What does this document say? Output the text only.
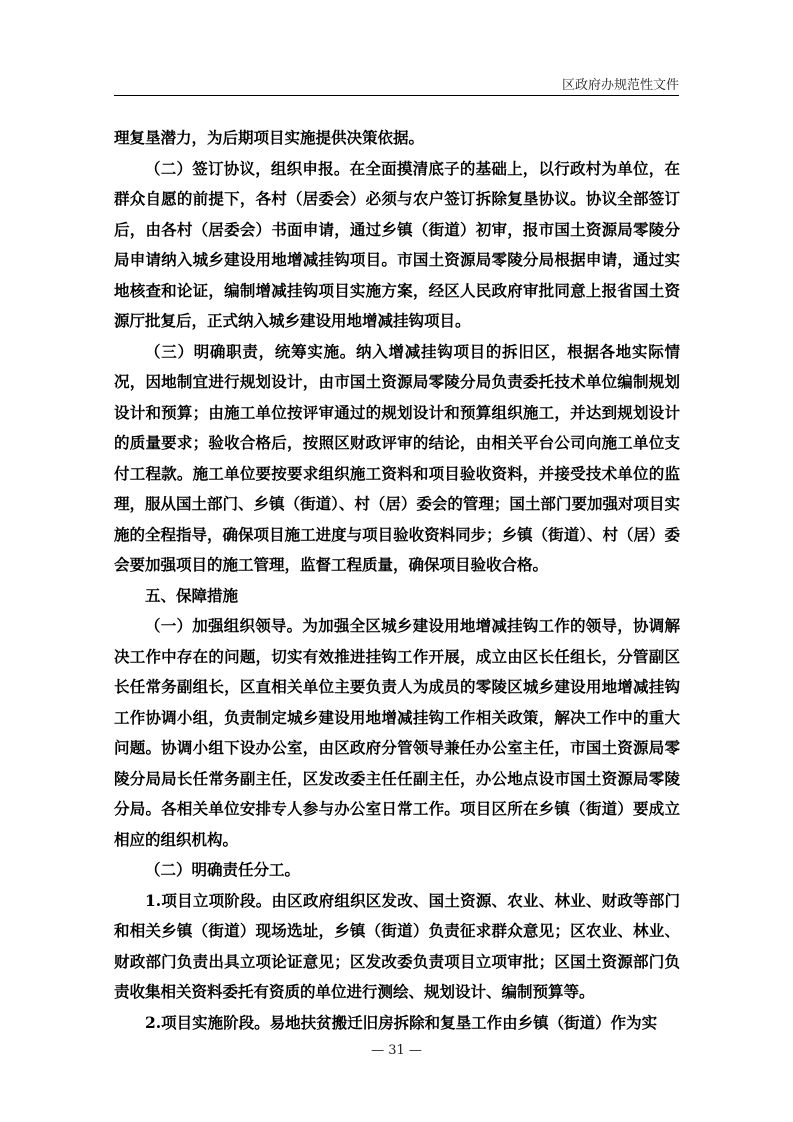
区政府办规范性文件

理复垦潜力，为后期项目实施提供决策依据。

（二）签订协议，组织申报。在全面摸清底子的基础上，以行政村为单位，在群众自愿的前提下，各村（居委会）必须与农户签订拆除复垦协议。协议全部签订后，由各村（居委会）书面申请，通过乡镇（街道）初审，报市国土资源局零陵分局申请纳入城乡建设用地增减挂钩项目。市国土资源局零陵分局根据申请，通过实地核查和论证，编制增减挂钩项目实施方案，经区人民政府审批同意上报省国土资源厅批复后，正式纳入城乡建设用地增减挂钩项目。

（三）明确职责，统筹实施。纳入增减挂钩项目的拆旧区，根据各地实际情况，因地制宜进行规划设计，由市国土资源局零陵分局负责委托技术单位编制规划设计和预算；由施工单位按评审通过的规划设计和预算组织施工，并达到规划设计的质量要求；验收合格后，按照区财政评审的结论，由相关平台公司向施工单位支付工程款。施工单位要按要求组织施工资料和项目验收资料，并接受技术单位的监理，服从国土部门、乡镇（街道）、村（居）委会的管理；国土部门要加强对项目实施的全程指导，确保项目施工进度与项目验收资料同步；乡镇（街道）、村（居）委会要加强项目的施工管理，监督工程质量，确保项目验收合格。

五、保障措施

（一）加强组织领导。为加强全区城乡建设用地增减挂钩工作的领导，协调解决工作中存在的问题，切实有效推进挂钩工作开展，成立由区长任组长，分管副区长任常务副组长，区直相关单位主要负责人为成员的零陵区城乡建设用地增减挂钩工作协调小组，负责制定城乡建设用地增减挂钩工作相关政策，解决工作中的重大问题。协调小组下设办公室，由区政府分管领导兼任办公室主任，市国土资源局零陵分局局长任常务副主任，区发改委主任任副主任，办公地点设市国土资源局零陵分局。各相关单位安排专人参与办公室日常工作。项目区所在乡镇（街道）要成立相应的组织机构。

（二）明确责任分工。

1.项目立项阶段。由区政府组织区发改、国土资源、农业、林业、财政等部门和相关乡镇（街道）现场选址，乡镇（街道）负责征求群众意见；区农业、林业、财政部门负责出具立项论证意见；区发改委负责项目立项审批；区国土资源部门负责收集相关资料委托有资质的单位进行测绘、规划设计、编制预算等。

2.项目实施阶段。易地扶贫搬迁旧房拆除和复垦工作由乡镇（街道）作为实

— 31 —
